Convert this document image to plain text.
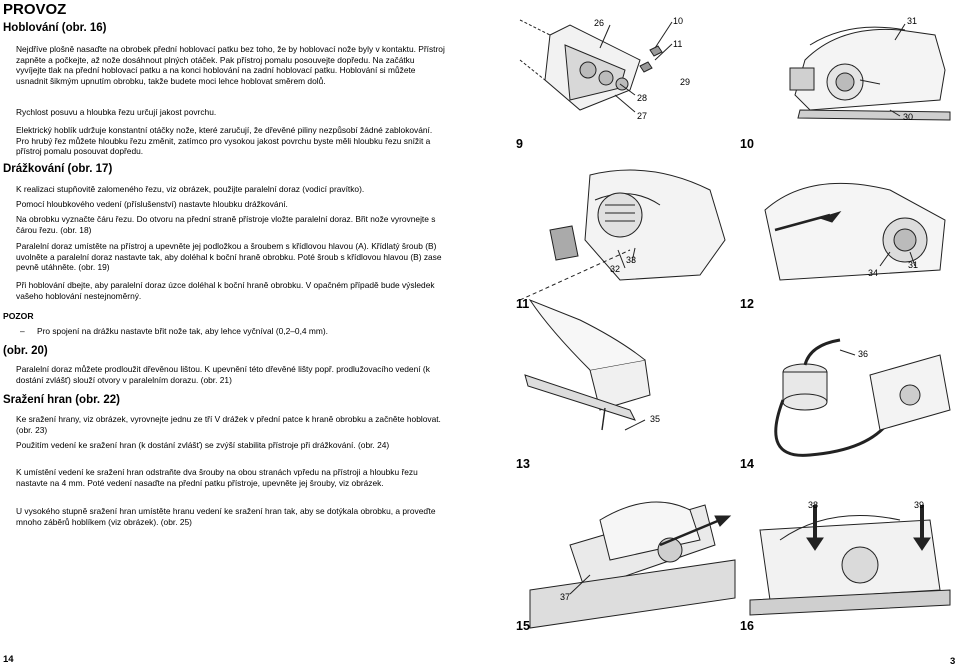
PROVOZ
Hoblování (obr. 16)
Nejdříve plošně nasaďte na obrobek přední hoblovací patku bez toho, že by hoblovací nože byly v kontaktu. Přístroj zapněte a počkejte, až nože dosáhnout plných otáček. Pak přístroj pomalu posouvejte dopředu. Na začátku vyvíjejte tlak na přední hoblovací patku a na konci hoblování na zadní hoblovací patku. Hoblování si můžete usnadnit šikmým upnutím obrobku, takže budete moci lehce hoblovat směrem dolů.
Rychlost posuvu a hloubka řezu určují jakost povrchu.
Elektrický hoblík udržuje konstantní otáčky nože, které zaručují, že dřevěné piliny nezpůsobí žádné zablokování. Pro hrubý řez můžete hloubku řezu změnit, zatímco pro vysokou jakost povrchu byste měli hloubku řezu snížit a přístroj pomalu posouvat dopředu.
Drážkování (obr. 17)
K realizaci stupňovitě zalomeného řezu, viz obrázek, použijte paralelní doraz (vodicí pravítko).
Pomocí hloubkového vedení (příslušenství) nastavte hloubku drážkování.
Na obrobku vyznačte čáru řezu. Do otvoru na přední straně přístroje vložte paralelní doraz. Břit nože vyrovnejte s čárou řezu. (obr. 18)
Paralelní doraz umístěte na přístroj a upevněte jej podložkou a šroubem s křídlovou hlavou (A). Křídlatý šroub (B) uvolněte a paralelní doraz nastavte tak, aby doléhal k boční hraně obrobku. Poté šroub s křídlovou hlavou (B) zase pevně utáhněte. (obr. 19)
Při hoblování dbejte, aby paralelní doraz úzce doléhal k boční hraně obrobku. V opačném případě bude výsledek vašeho hoblování nestejnoměrný.
POZOR
– Pro spojení na drážku nastavte břit nože tak, aby lehce vyčníval (0,2–0,4 mm).
(obr. 20)
Paralelní doraz můžete prodloužit dřevěnou lištou. K upevnění této dřevěné lišty popř. prodlužovacího vedení (k dostání zvlášť) slouží otvory v paralelním dorazu. (obr. 21)
Sražení hran (obr. 22)
Ke sražení hrany, viz obrázek, vyrovnejte jednu ze tří V drážek v přední patce k hraně obrobku a začněte hoblovat. (obr. 23)
Použitím vedení ke sražení hran (k dostání zvlášť) se zvýší stabilita přístroje při drážkování. (obr. 24)
K umístění vedení ke sražení hran odstraňte dva šrouby na obou stranách vpředu na přístroji a hloubku řezu nastavte na 4 mm. Poté vedení nasaďte na přední patku přístroje, upevněte jej šrouby, viz obrázek.
U vysokého stupně sražení hran umístěte hranu vedení ke sražení hran tak, aby se dotýkala obrobku, a proveďte mnoho záběrů hoblíkem (viz obrázek). (obr. 25)
14
9	10
11	12
13	14
15	16
26	10
11
28
27
31
29
30
32
33
34
31
35
36
37
38	39
3
